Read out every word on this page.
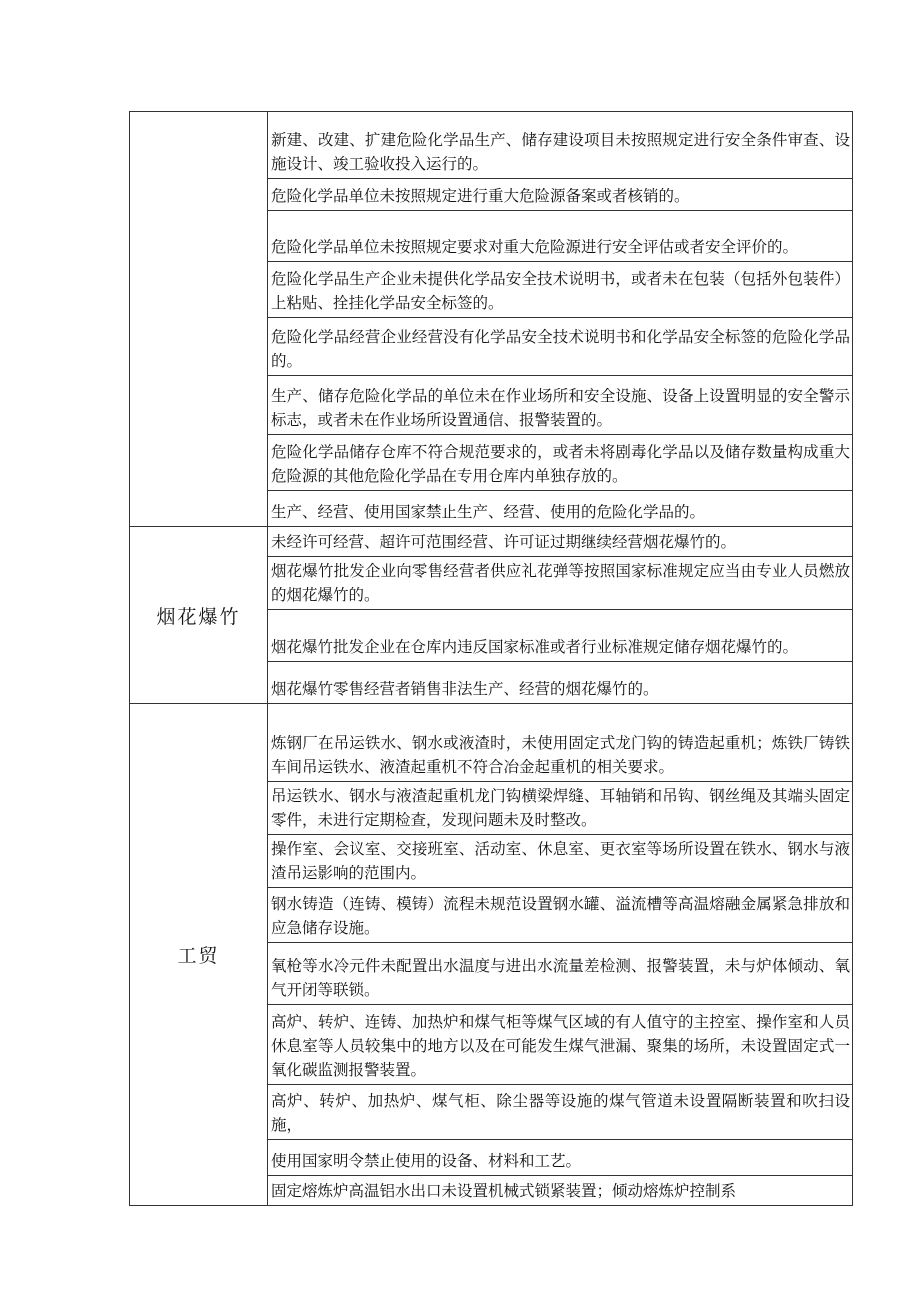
	新建、改建、扩建危险化学品生产、储存建设项目未按照规定进行安全条件审查、设施设计、竣工验收投入运行的。
	危险化学品单位未按照规定进行重大危险源备案或者核销的。
	危险化学品单位未按照规定要求对重大危险源进行安全评估或者安全评价的。
	危险化学品生产企业未提供化学品安全技术说明书，或者未在包装（包括外包装件）上粘贴、拴挂化学品安全标签的。
	危险化学品经营企业经营没有化学品安全技术说明书和化学品安全标签的危险化学品的。
	生产、储存危险化学品的单位未在作业场所和安全设施、设备上设置明显的安全警示标志，或者未在作业场所设置通信、报警装置的。
	危险化学品储存仓库不符合规范要求的，或者未将剧毒化学品以及储存数量构成重大危险源的其他危险化学品在专用仓库内单独存放的。
	生产、经营、使用国家禁止生产、经营、使用的危险化学品的。
烟花爆竹	未经许可经营、超许可范围经营、许可证过期继续经营烟花爆竹的。
	烟花爆竹批发企业向零售经营者供应礼花弹等按照国家标准规定应当由专业人员燃放的烟花爆竹的。
	烟花爆竹批发企业在仓库内违反国家标准或者行业标准规定储存烟花爆竹的。
	烟花爆竹零售经营者销售非法生产、经营的烟花爆竹的。
工贸	炼钢厂在吊运铁水、钢水或液渣时，未使用固定式龙门钩的铸造起重机；炼铁厂铸铁车间吊运铁水、液渣起重机不符合冶金起重机的相关要求。
	吊运铁水、钢水与液渣起重机龙门钩横梁焊缝、耳轴销和吊钩、钢丝绳及其端头固定零件，未进行定期检查，发现问题未及时整改。
	操作室、会议室、交接班室、活动室、休息室、更衣室等场所设置在铁水、钢水与液渣吊运影响的范围内。
	钢水铸造（连铸、模铸）流程未规范设置钢水罐、溢流槽等高温熔融金属紧急排放和应急储存设施。
	氧枪等水冷元件未配置出水温度与进出水流量差检测、报警装置，未与炉体倾动、氧气开闭等联锁。
	高炉、转炉、连铸、加热炉和煤气柜等煤气区域的有人值守的主控室、操作室和人员休息室等人员较集中的地方以及在可能发生煤气泄漏、聚集的场所，未设置固定式一氧化碳监测报警装置。
	高炉、转炉、加热炉、煤气柜、除尘器等设施的煤气管道未设置隔断装置和吹扫设施，
	使用国家明令禁止使用的设备、材料和工艺。
	固定熔炼炉高温铝水出口未设置机械式锁紧装置；倾动熔炼炉控制系
